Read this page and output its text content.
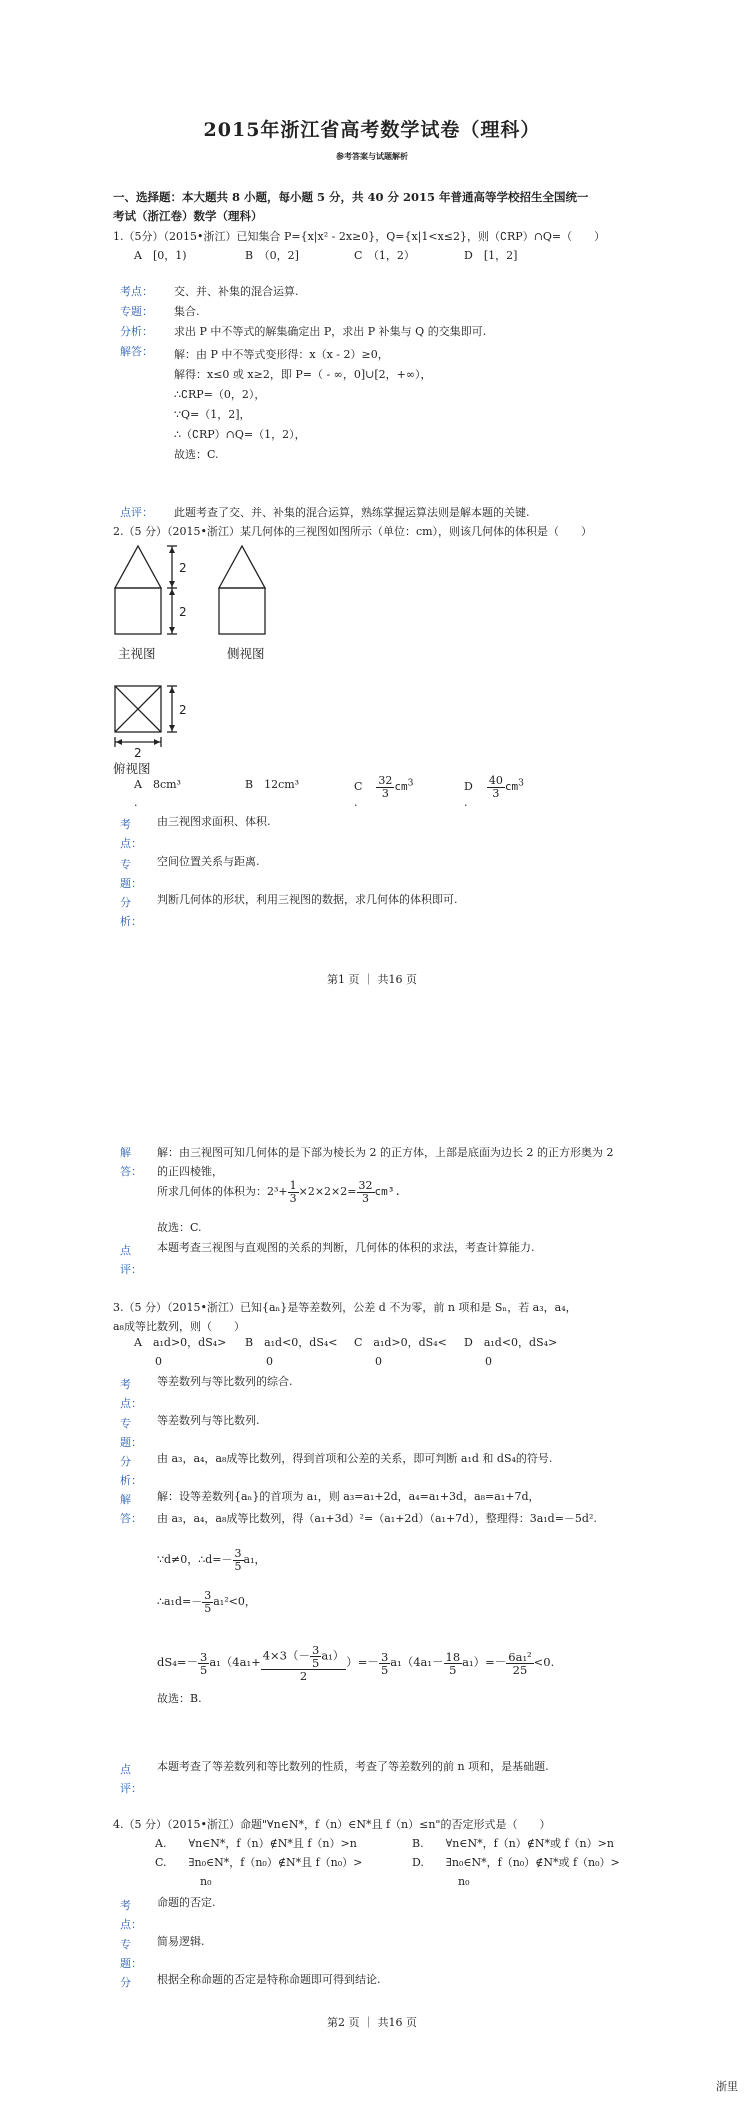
2015年浙江省高考数学试卷（理科）
参考答案与试题解析
一、选择题：本大题共 8 小题，每小题 5 分，共 40 分 2015 年普通高等学校招生全国统一
考试（浙江卷）数学（理科）
1.（5分）（2015•浙江）已知集合 P={x|x² - 2x≥0}，Q={x|1<x≤2}，则（∁RP）∩Q=（　　）
A　[0，1)	B　（0，2]	C　（1，2）	D　[1，2]
考点： 交、并、补集的混合运算.
专题： 集合.
分析： 求出 P 中不等式的解集确定出 P，求出 P 补集与 Q 的交集即可.
解答： 解：由 P 中不等式变形得：x（x - 2）≥0，
解得：x≤0 或 x≥2，即 P=（ - ∞，0]∪[2，+∞），
∴∁RP=（0，2），
∵Q=（1，2]，
∴（∁RP）∩Q=（1，2），
故选：C.
点评： 此题考查了交、并、补集的混合运算，熟练掌握运算法则是解本题的关键.
2.（5 分）（2015•浙江）某几何体的三视图如图所示（单位：cm），则该几何体的体积是（　　）
2
2
2
2
主视图	侧视图
俯视图
A　8cm³	B　12cm³	C $\frac{32}{3} cm^3$	D $\frac{40}{3} cm^3$
.	.	.
考
点：
由三视图求面积、体积.
专
题：
空间位置关系与距离.
分
析：
判断几何体的形状，利用三视图的数据，求几何体的体积即可.
第1 页 ｜ 共16 页
解
答：
解：由三视图可知几何体的是下部为棱长为 2 的正方体，上部是底面为边长 2 的正方形奥为 2
的正四棱锥，
所求几何体的体积为：$2^3+ \frac{1}{3} \times 2\times 2\times 2= \frac{32}{3} cm^3$.
故选：C.
点
评：
本题考查三视图与直观图的关系的判断，几何体的体积的求法，考查计算能力.
3.（5 分）（2015•浙江）已知{aₙ}是等差数列，公差 d 不为零，前 n 项和是 Sₙ，若 a₃，a₄，
a₈成等比数列，则（　　）
A　a₁d>0，dS₄> B　a₁d<0，dS₄< C　a₁d>0，dS₄< D　a₁d<0，dS₄>
0	0	0	0
考
点：
等差数列与等比数列的综合.
专
题：
等差数列与等比数列.
分
析：
由 a₃，a₄，a₈成等比数列，得到首项和公差的关系，即可判断 a₁d 和 dS₄的符号.
解
答：
解：设等差数列{aₙ}的首项为 a₁，则 a₃=a₁+2d，a₄=a₁+3d，a₈=a₁+7d，
由 a₃，a₄，a₈成等比数列，得（a₁+3d）²=（a₁+2d）（a₁+7d），整理得：3a₁d=－5d².
∵d≠0，∴d=－ $\frac{3}{5} a_1$，
∴a₁d=－ $\frac{3}{5} a_1^2<0$，
$dS_4=- \frac{3}{5} a_1(4a_1+ \frac{4\times 3(- \frac{3}{5} a_1)}{2}$ ）=－ $\frac{3}{5} a_1(4a_1- \frac{18}{5} a_1)=- \frac{\text{6a₁²}}{25} <0$.
故选：B.
点
评：
本题考查了等差数列和等比数列的性质，考查了等差数列的前 n 项和，是基础题.
4.（5 分）（2015•浙江）命题"∀n∈N*，f（n）∈N*且 f（n）≤n"的否定形式是（　　）
A.　　∀n∈N*，f（n）∉N*且 f（n）>n	B.　　∀n∈N*，f（n）∉N*或 f（n）>n
C.　　∃n₀∈N*，f（n₀）∉N*且 f（n₀）>	D.　　∃n₀∈N*，f（n₀）∉N*或 f（n₀）>
n₀	n₀
考
点：
命题的否定.
专
题：
简易逻辑.
分	根据全称命题的否定是特称命题即可得到结论.
第2 页 ｜ 共16 页
浙里
